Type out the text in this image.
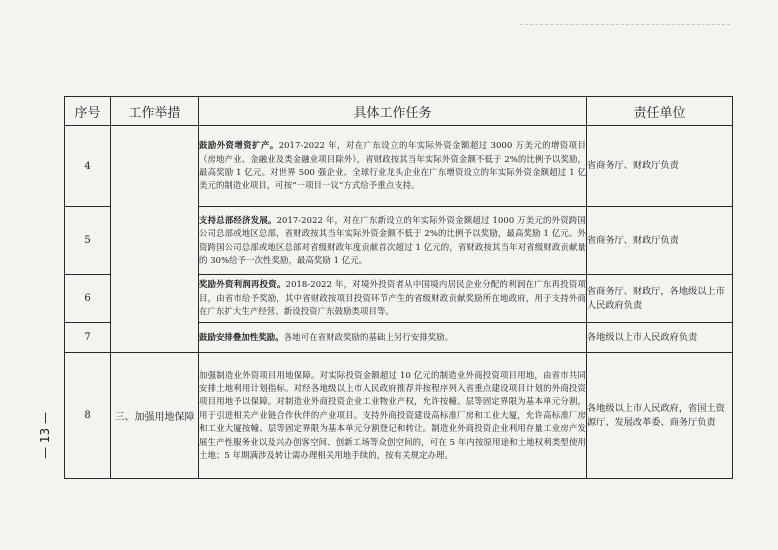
序号	工作举措	具体工作任务	责任单位
4		鼓励外资增资扩产。2017-2022 年，对在广东设立的年实际外资金额超过 3000 万美元的增资项目（房地产业、金融业及类金融业项目除外），省财政按其当年实际外资金额不低于 2%的比例予以奖励，最高奖励 1 亿元。对世界 500 强企业、全球行业龙头企业在广东增资设立的年实际外资金额超过 1 亿美元的制造业项目，可按“一项目一议”方式给予重点支持。	省商务厅、财政厅负责
5		支持总部经济发展。2017-2022 年，对在广东新设立的年实际外资金额超过 1000 万美元的外资跨国公司总部或地区总部，省财政按其当年实际外资金额不低于 2%的比例予以奖励，最高奖励 1 亿元。外资跨国公司总部或地区总部对省级财政年度贡献首次超过 1 亿元的，省财政按其当年对省级财政贡献量的 30%给予一次性奖励，最高奖励 1 亿元。	省商务厅、财政厅负责
6		奖励外资利润再投资。2018-2022 年，对境外投资者从中国境内居民企业分配的利润在广东再投资项目，由省市给予奖励，其中省财政按项目投资环节产生的省级财政贡献奖励所在地政府，用于支持外商在广东扩大生产经营、新设投资广东鼓励类项目等。	省商务厅、财政厅，各地级以上市人民政府负责
7		鼓励安排叠加性奖励。各地可在省财政奖励的基础上另行安排奖励。	各地级以上市人民政府负责
8	三、加强用地保障	加强制造业外资项目用地保障。对实际投资金额超过 10 亿元的制造业外商投资项目用地，由省市共同安排土地利用计划指标。对经各地级以上市人民政府推荐并按程序列入省重点建设项目计划的外商投资项目用地予以保障。对制造业外商投资企业工业物业产权，允许按幢、层等固定界限为基本单元分割，用于引进相关产业链合作伙伴的产业项目。支持外商投资建设高标准厂房和工业大厦，允许高标准厂房和工业大厦按幢、层等固定界限为基本单元分割登记和转让。制造业外商投资企业利用存量工业房产发展生产性服务业以及兴办创客空间、创新工场等众创空间的，可在 5 年内按原用途和土地权利类型使用土地；5 年期满涉及转让需办理相关用地手续的，按有关规定办理。	各地级以上市人民政府，省国土资源厅、发展改革委、商务厅负责
— 13 —
